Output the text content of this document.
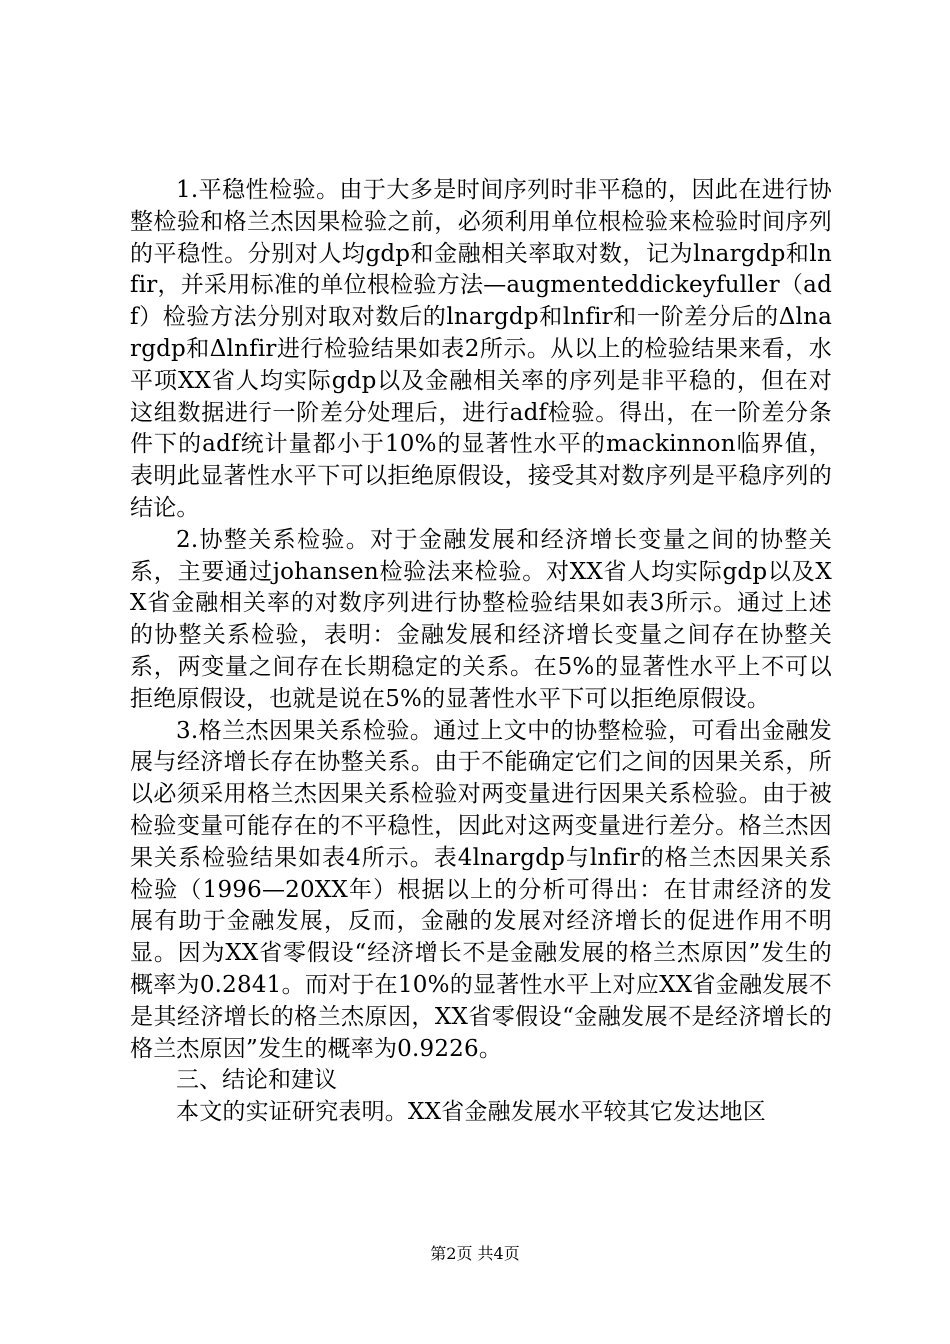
1.平稳性检验。由于大多是时间序列时非平稳的，因此在进行协整检验和格兰杰因果检验之前，必须利用单位根检验来检验时间序列的平稳性。分别对人均gdp和金融相关率取对数，记为lnargdp和lnfir，并采用标准的单位根检验方法—augmenteddickeyfuller（adf）检验方法分别对取对数后的lnargdp和lnfir和一阶差分后的Δlnargdp和Δlnfir进行检验结果如表2所示。从以上的检验结果来看，水平项XX省人均实际gdp以及金融相关率的序列是非平稳的，但在对这组数据进行一阶差分处理后，进行adf检验。得出，在一阶差分条件下的adf统计量都小于10%的显著性水平的mackinnon临界值，表明此显著性水平下可以拒绝原假设，接受其对数序列是平稳序列的结论。

2.协整关系检验。对于金融发展和经济增长变量之间的协整关系，主要通过johansen检验法来检验。对XX省人均实际gdp以及XX省金融相关率的对数序列进行协整检验结果如表3所示。通过上述的协整关系检验，表明：金融发展和经济增长变量之间存在协整关系，两变量之间存在长期稳定的关系。在5%的显著性水平上不可以拒绝原假设，也就是说在5%的显著性水平下可以拒绝原假设。

3.格兰杰因果关系检验。通过上文中的协整检验，可看出金融发展与经济增长存在协整关系。由于不能确定它们之间的因果关系，所以必须采用格兰杰因果关系检验对两变量进行因果关系检验。由于被检验变量可能存在的不平稳性，因此对这两变量进行差分。格兰杰因果关系检验结果如表4所示。表4lnargdp与lnfir的格兰杰因果关系检验（1996—20XX年）根据以上的分析可得出：在甘肃经济的发展有助于金融发展，反而，金融的发展对经济增长的促进作用不明显。因为XX省零假设“经济增长不是金融发展的格兰杰原因”发生的概率为0.2841。而对于在10%的显著性水平上对应XX省金融发展不是其经济增长的格兰杰原因，XX省零假设“金融发展不是经济增长的格兰杰原因”发生的概率为0.9226。

三、结论和建议

本文的实证研究表明。XX省金融发展水平较其它发达地区

第2页 共4页
